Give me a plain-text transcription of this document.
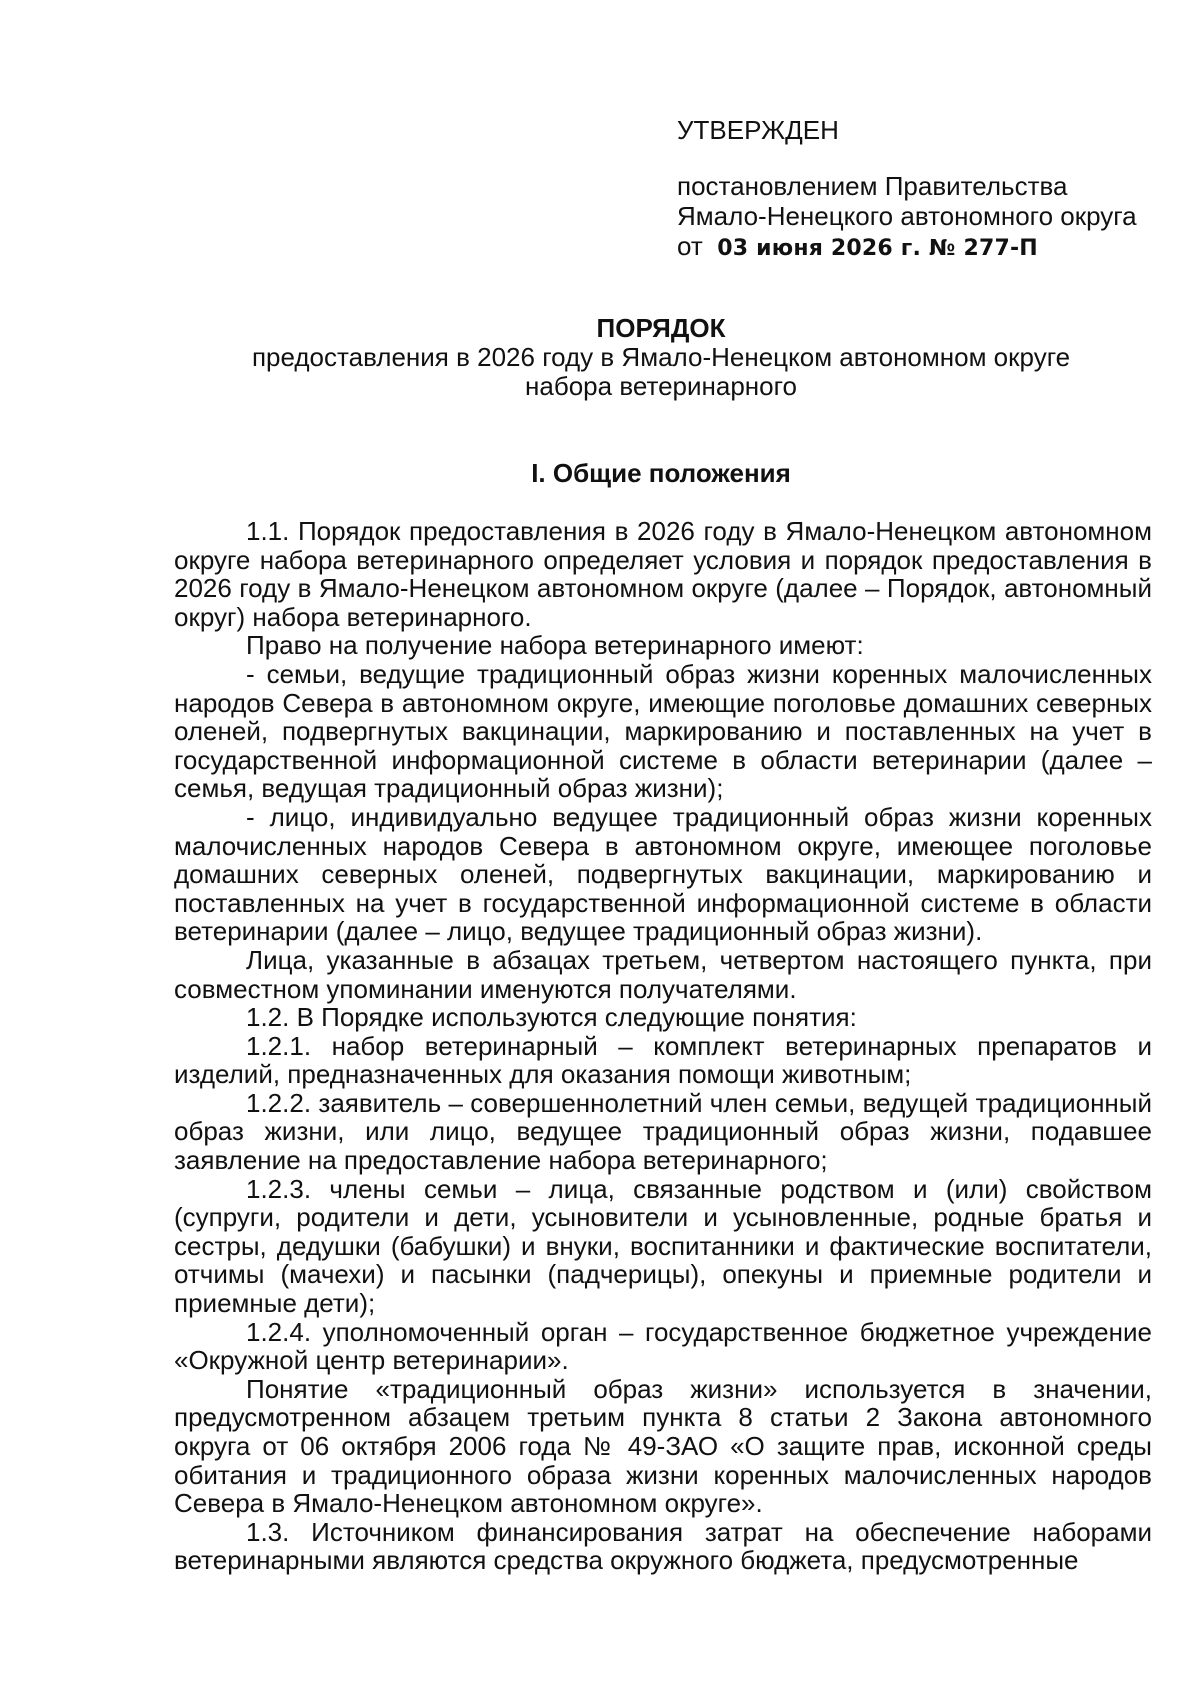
УТВЕРЖДЕН

постановлением Правительства

Ямало-Ненецкого автономного округа

от 03 июня 2026 г. № 277-П

ПОРЯДОК

предоставления в 2026 году в Ямало-Ненецком автономном округе

набора ветеринарного

I. Общие положения

1.1. Порядок предоставления в 2026 году в Ямало-Ненецком автономном округе набора ветеринарного определяет условия и порядок предоставления в 2026 году в Ямало-Ненецком автономном округе (далее – Порядок, автономный округ) набора ветеринарного.

Право на получение набора ветеринарного имеют:

- семьи, ведущие традиционный образ жизни коренных малочисленных народов Севера в автономном округе, имеющие поголовье домашних северных оленей, подвергнутых вакцинации, маркированию и поставленных на учет в государственной информационной системе в области ветеринарии (далее – семья, ведущая традиционный образ жизни);

- лицо, индивидуально ведущее традиционный образ жизни коренных малочисленных народов Севера в автономном округе, имеющее поголовье домашних северных оленей, подвергнутых вакцинации, маркированию и поставленных на учет в государственной информационной системе в области ветеринарии (далее – лицо, ведущее традиционный образ жизни).

Лица, указанные в абзацах третьем, четвертом настоящего пункта, при совместном упоминании именуются получателями.

1.2. В Порядке используются следующие понятия:

1.2.1. набор ветеринарный – комплект ветеринарных препаратов и изделий, предназначенных для оказания помощи животным;

1.2.2. заявитель – совершеннолетний член семьи, ведущей традиционный образ жизни, или лицо, ведущее традиционный образ жизни, подавшее заявление на предоставление набора ветеринарного;

1.2.3. члены семьи – лица, связанные родством и (или) свойством (супруги, родители и дети, усыновители и усыновленные, родные братья и сестры, дедушки (бабушки) и внуки, воспитанники и фактические воспитатели, отчимы (мачехи) и пасынки (падчерицы), опекуны и приемные родители и приемные дети);

1.2.4. уполномоченный орган – государственное бюджетное учреждение «Окружной центр ветеринарии».

Понятие «традиционный образ жизни» используется в значении, предусмотренном абзацем третьим пункта 8 статьи 2 Закона автономного округа от 06 октября 2006 года № 49-ЗАО «О защите прав, исконной среды обитания и традиционного образа жизни коренных малочисленных народов Севера в Ямало-Ненецком автономном округе».

1.3. Источником финансирования затрат на обеспечение наборами ветеринарными являются средства окружного бюджета, предусмотренные
